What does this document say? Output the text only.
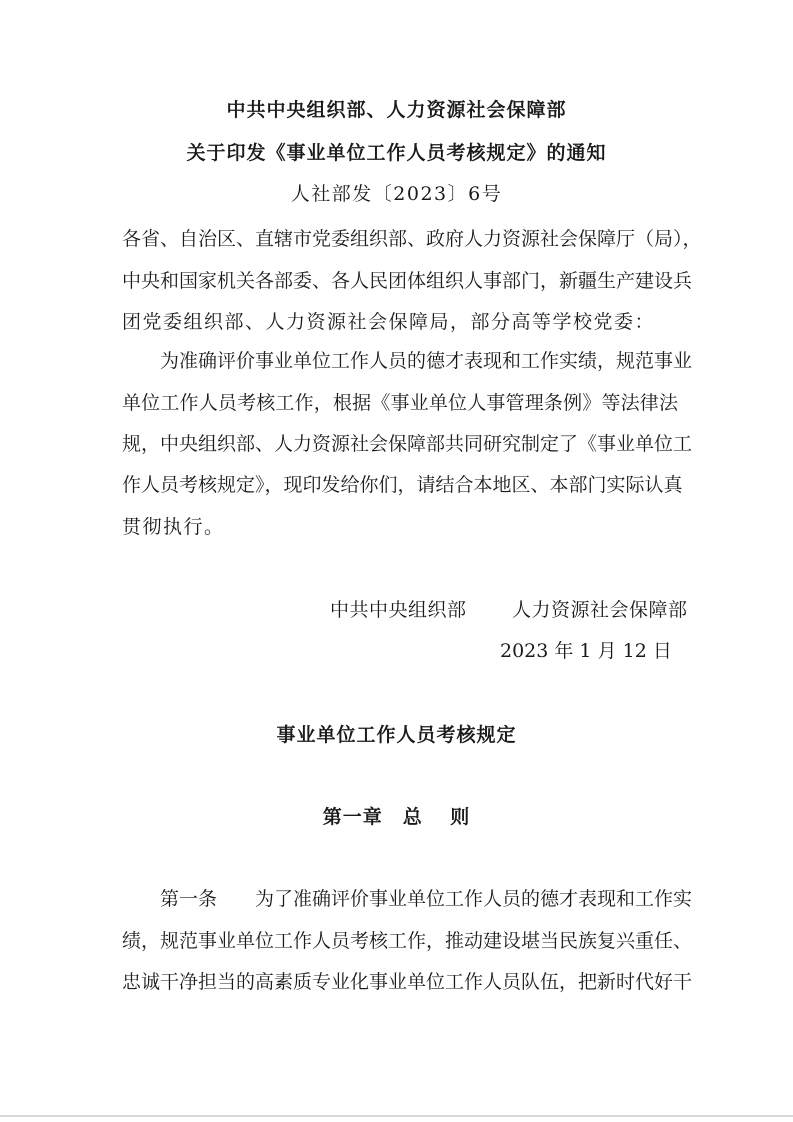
中共中央组织部、人力资源社会保障部
关于印发《事业单位工作人员考核规定》的通知
人社部发〔2023〕6号
各省、自治区、直辖市党委组织部、政府人力资源社会保障厅（局），
中央和国家机关各部委、各人民团体组织人事部门，新疆生产建设兵
团党委组织部、人力资源社会保障局，部分高等学校党委：
为准确评价事业单位工作人员的德才表现和工作实绩，规范事业
单位工作人员考核工作，根据《事业单位人事管理条例》等法律法
规，中央组织部、人力资源社会保障部共同研究制定了《事业单位工
作人员考核规定》，现印发给你们，请结合本地区、本部门实际认真
贯彻执行。
中共中央组织部　　 人力资源社会保障部
2023 年 1 月 12 日
事业单位工作人员考核规定
第一章　总　 则
第一条　　为了准确评价事业单位工作人员的德才表现和工作实
绩，规范事业单位工作人员考核工作，推动建设堪当民族复兴重任、
忠诚干净担当的高素质专业化事业单位工作人员队伍，把新时代好干
